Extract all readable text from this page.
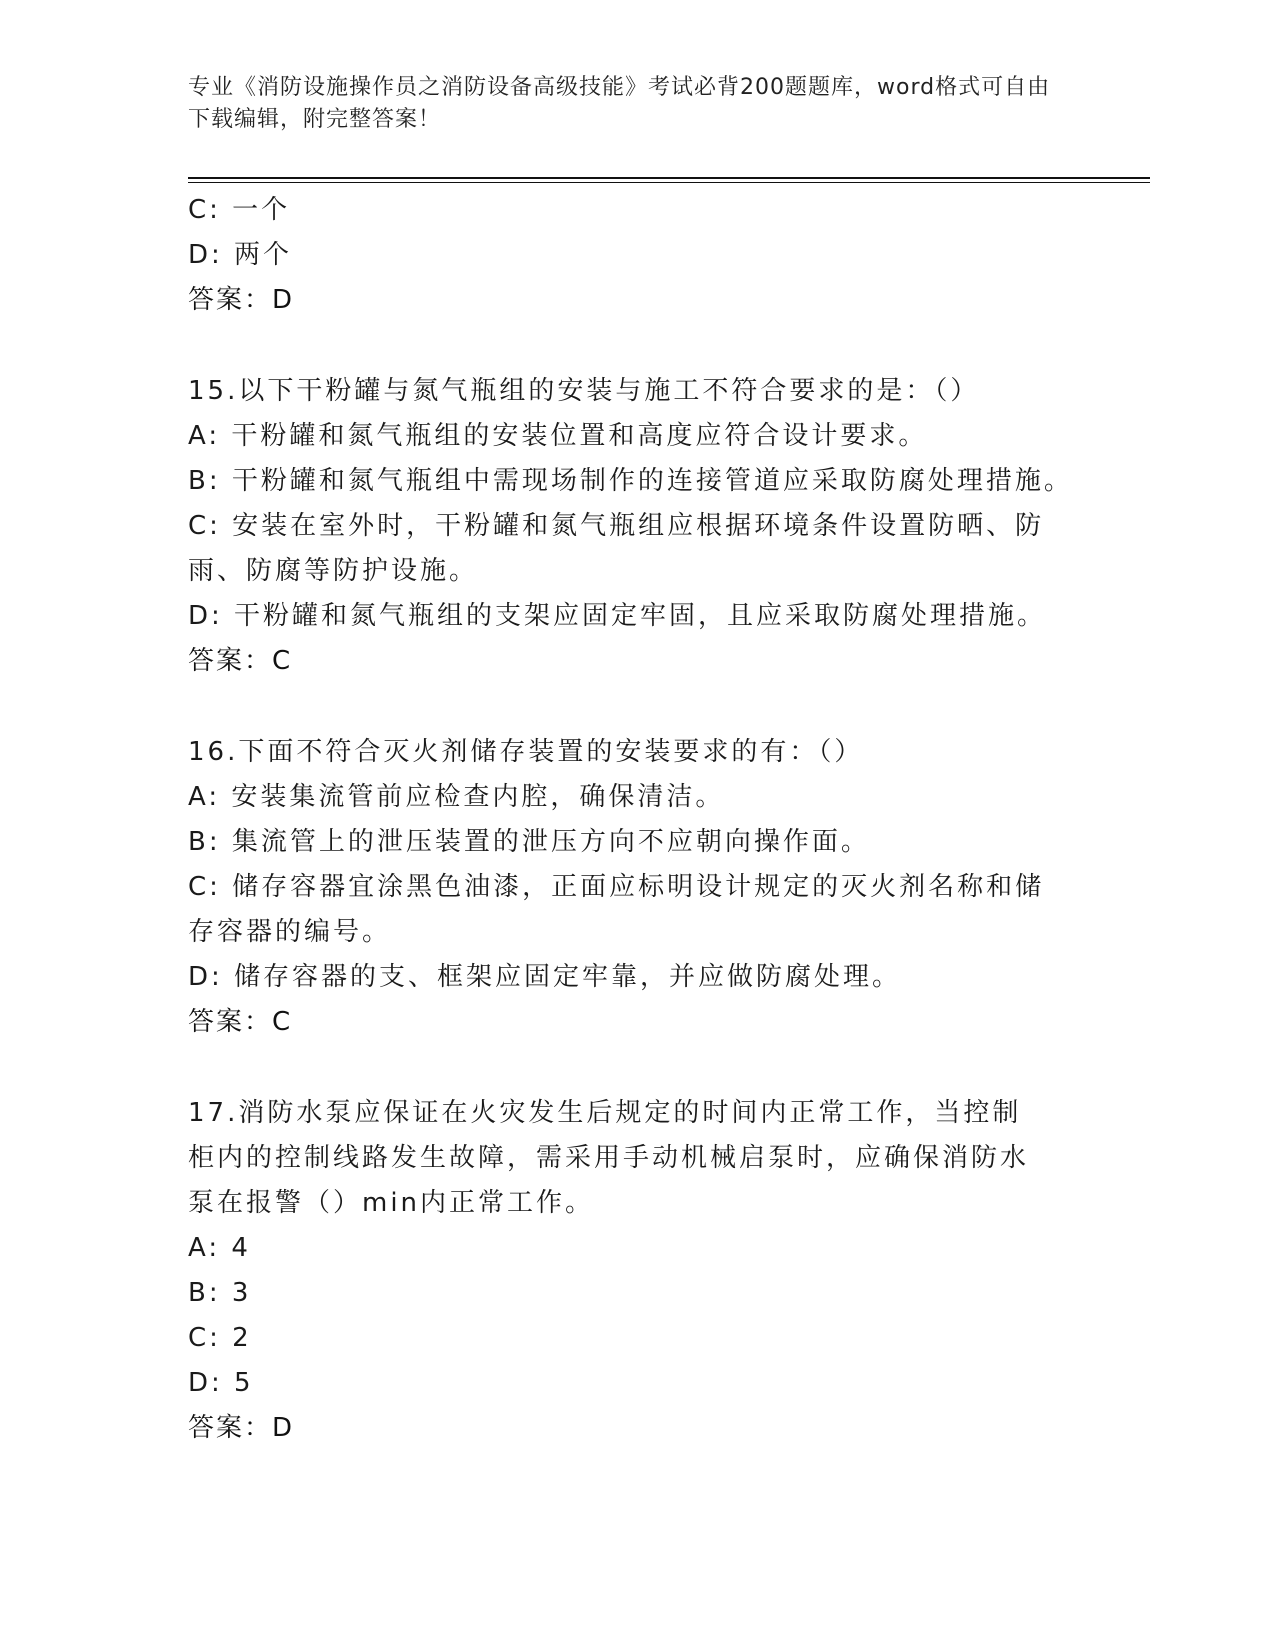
专业《消防设施操作员之消防设备高级技能》考试必背200题题库，word格式可自由下载编辑，附完整答案！
C: 一个
D: 两个
答案：D
15.以下干粉罐与氮气瓶组的安装与施工不符合要求的是：（）
A: 干粉罐和氮气瓶组的安装位置和高度应符合设计要求。
B: 干粉罐和氮气瓶组中需现场制作的连接管道应采取防腐处理措施。
C: 安装在室外时，干粉罐和氮气瓶组应根据环境条件设置防晒、防雨、防腐等防护设施。
D: 干粉罐和氮气瓶组的支架应固定牢固，且应采取防腐处理措施。
答案：C
16.下面不符合灭火剂储存装置的安装要求的有：（）
A: 安装集流管前应检查内腔，确保清洁。
B: 集流管上的泄压装置的泄压方向不应朝向操作面。
C: 储存容器宜涂黑色油漆，正面应标明设计规定的灭火剂名称和储存容器的编号。
D: 储存容器的支、框架应固定牢靠，并应做防腐处理。
答案：C
17.消防水泵应保证在火灾发生后规定的时间内正常工作，当控制柜内的控制线路发生故障，需采用手动机械启泵时，应确保消防水泵在报警（）min内正常工作。
A: 4
B: 3
C: 2
D: 5
答案：D
